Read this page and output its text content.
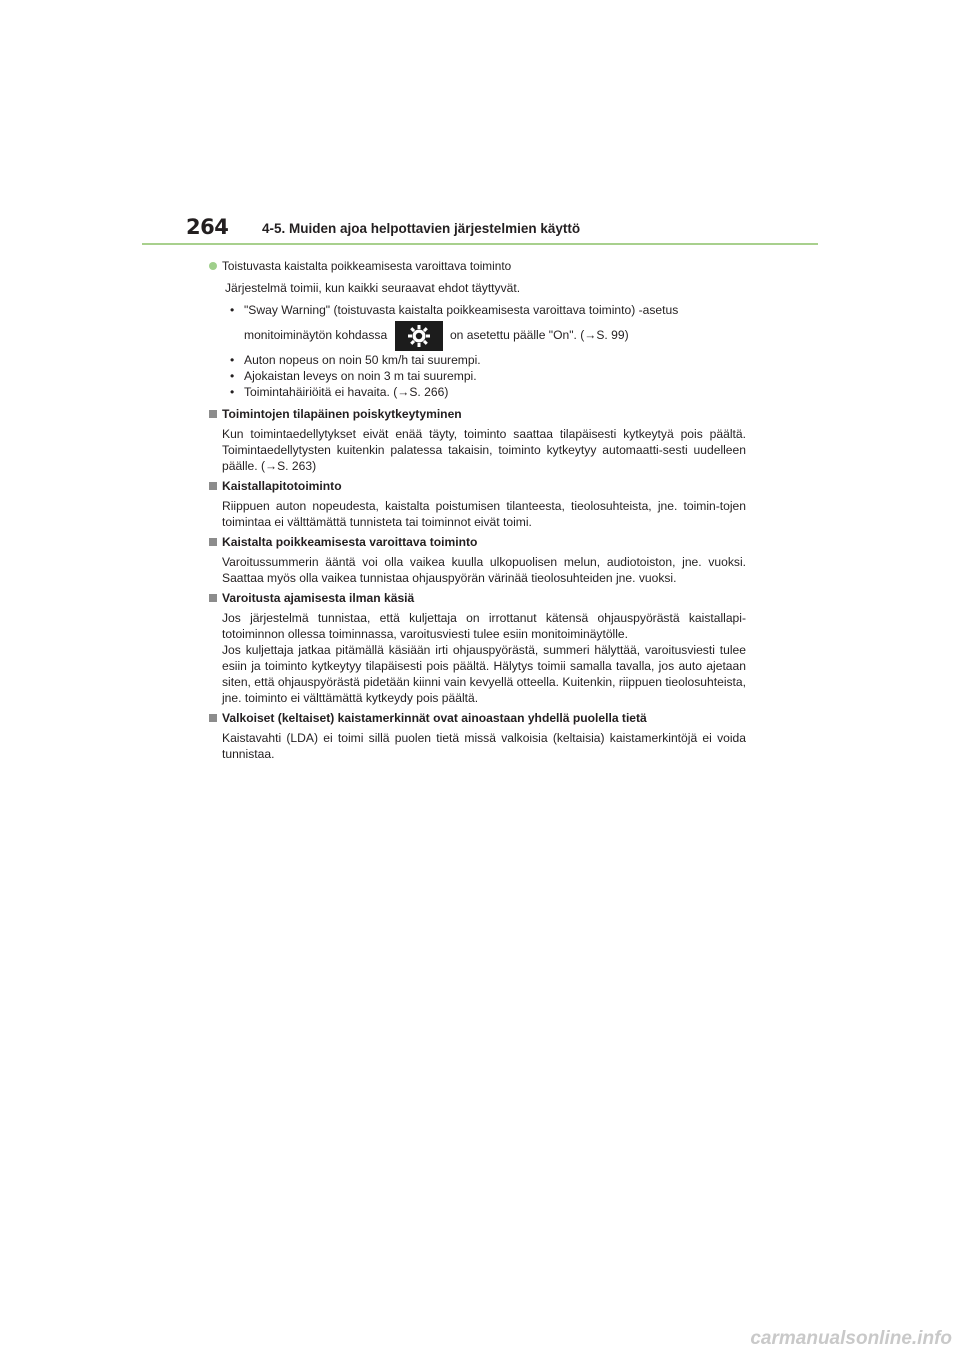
264 4-5. Muiden ajoa helpottavien järjestelmien käyttö
Toistuvasta kaistalta poikkeamisesta varoittava toiminto
Järjestelmä toimii, kun kaikki seuraavat ehdot täyttyvät.
• "Sway Warning" (toistuvasta kaistalta poikkeamisesta varoittava toiminto) -asetus
monitoiminäytön kohdassa	on asetettu päälle "On". (→S. 99)
• Auton nopeus on noin 50 km/h tai suurempi.
• Ajokaistan leveys on noin 3 m tai suurempi.
• Toimintahäiriöitä ei havaita. (→S. 266)
Toimintojen tilapäinen poiskytkeytyminen
Kun toimintaedellytykset eivät enää täyty, toiminto saattaa tilapäisesti kytkeytyä pois päältä. Toimintaedellytysten kuitenkin palatessa takaisin, toiminto kytkeytyy automaatti-sesti uudelleen päälle. (→S. 263)
Kaistallapitotoiminto
Riippuen auton nopeudesta, kaistalta poistumisen tilanteesta, tieolosuhteista, jne. toimin-tojen toimintaa ei välttämättä tunnisteta tai toiminnot eivät toimi.
Kaistalta poikkeamisesta varoittava toiminto
Varoitussummerin ääntä voi olla vaikea kuulla ulkopuolisen melun, audiotoiston, jne. vuoksi. Saattaa myös olla vaikea tunnistaa ohjauspyörän värinää tieolosuhteiden jne. vuoksi.
Varoitusta ajamisesta ilman käsiä
Jos järjestelmä tunnistaa, että kuljettaja on irrottanut kätensä ohjauspyörästä kaistallapi-totoiminnon ollessa toiminnassa, varoitusviesti tulee esiin monitoiminäytölle.
Jos kuljettaja jatkaa pitämällä käsiään irti ohjauspyörästä, summeri hälyttää, varoitusviesti tulee esiin ja toiminto kytkeytyy tilapäisesti pois päältä. Hälytys toimii samalla tavalla, jos auto ajetaan siten, että ohjauspyörästä pidetään kiinni vain kevyellä otteella. Kuitenkin, riippuen tieolosuhteista, jne. toiminto ei välttämättä kytkeydy pois päältä.
Valkoiset (keltaiset) kaistamerkinnät ovat ainoastaan yhdellä puolella tietä
Kaistavahti (LDA) ei toimi sillä puolen tietä missä valkoisia (keltaisia) kaistamerkintöjä ei voida tunnistaa.
carmanualsonline.info
